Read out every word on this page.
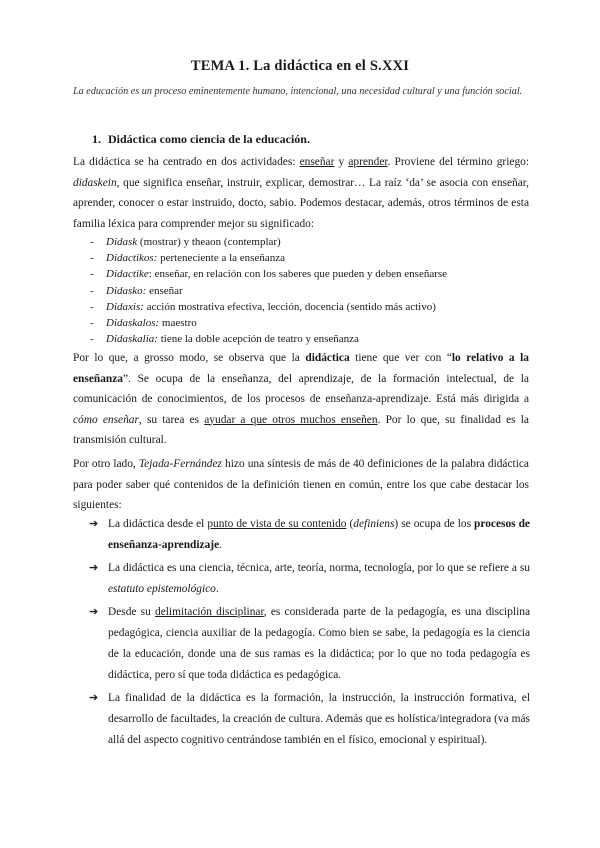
TEMA 1. La didáctica en el S.XXI
La educación es un proceso eminentemente humano, intencional, una necesidad cultural y una función social.
1. Didáctica como ciencia de la educación.

La didáctica se ha centrado en dos actividades: enseñar y aprender. Proviene del término griego: didaskein, que significa enseñar, instruir, explicar, demostrar… La raíz ‘da’ se asocia con enseñar, aprender, conocer o estar instruido, docto, sabio. Podemos destacar, además, otros términos de esta familia léxica para comprender mejor su significado:

- Didask (mostrar) y theaon (contemplar)
- Didactikos: perteneciente a la enseñanza
- Didactike: enseñar, en relación con los saberes que pueden y deben enseñarse
- Didasko: enseñar
- Didaxis: acción mostrativa efectiva, lección, docencia (sentido más activo)
- Didaskalos: maestro
- Didaskalia: tiene la doble acepción de teatro y enseñanza

Por lo que, a grosso modo, se observa que la didáctica tiene que ver con “lo relativo a la enseñanza”. Se ocupa de la enseñanza, del aprendizaje, de la formación intelectual, de la comunicación de conocimientos, de los procesos de enseñanza-aprendizaje. Está más dirigida a cómo enseñar, su tarea es ayudar a que otros muchos enseñen. Por lo que, su finalidad es la transmisión cultural.

Por otro lado, Tejada-Fernández hizo una síntesis de más de 40 definiciones de la palabra didáctica para poder saber qué contenidos de la definición tienen en común, entre los que cabe destacar los siguientes:

➔ La didáctica desde el punto de vista de su contenido (definiens) se ocupa de los procesos de enseñanza-aprendizaje.
➔ La didáctica es una ciencia, técnica, arte, teoría, norma, tecnología, por lo que se refiere a su estatuto epistemológico.
➔ Desde su delimitación disciplinar, es considerada parte de la pedagogía, es una disciplina pedagógica, ciencia auxiliar de la pedagogía. Como bien se sabe, la pedagogía es la ciencia de la educación, donde una de sus ramas es la didáctica; por lo que no toda pedagogía es didáctica, pero sí que toda didáctica es pedagógica.
➔ La finalidad de la didáctica es la formación, la instrucción, la instrucción formativa, el desarrollo de facultades, la creación de cultura. Además que es holística/integradora (va más allá del aspecto cognitivo centrándose también en el físico, emocional y espiritual).
